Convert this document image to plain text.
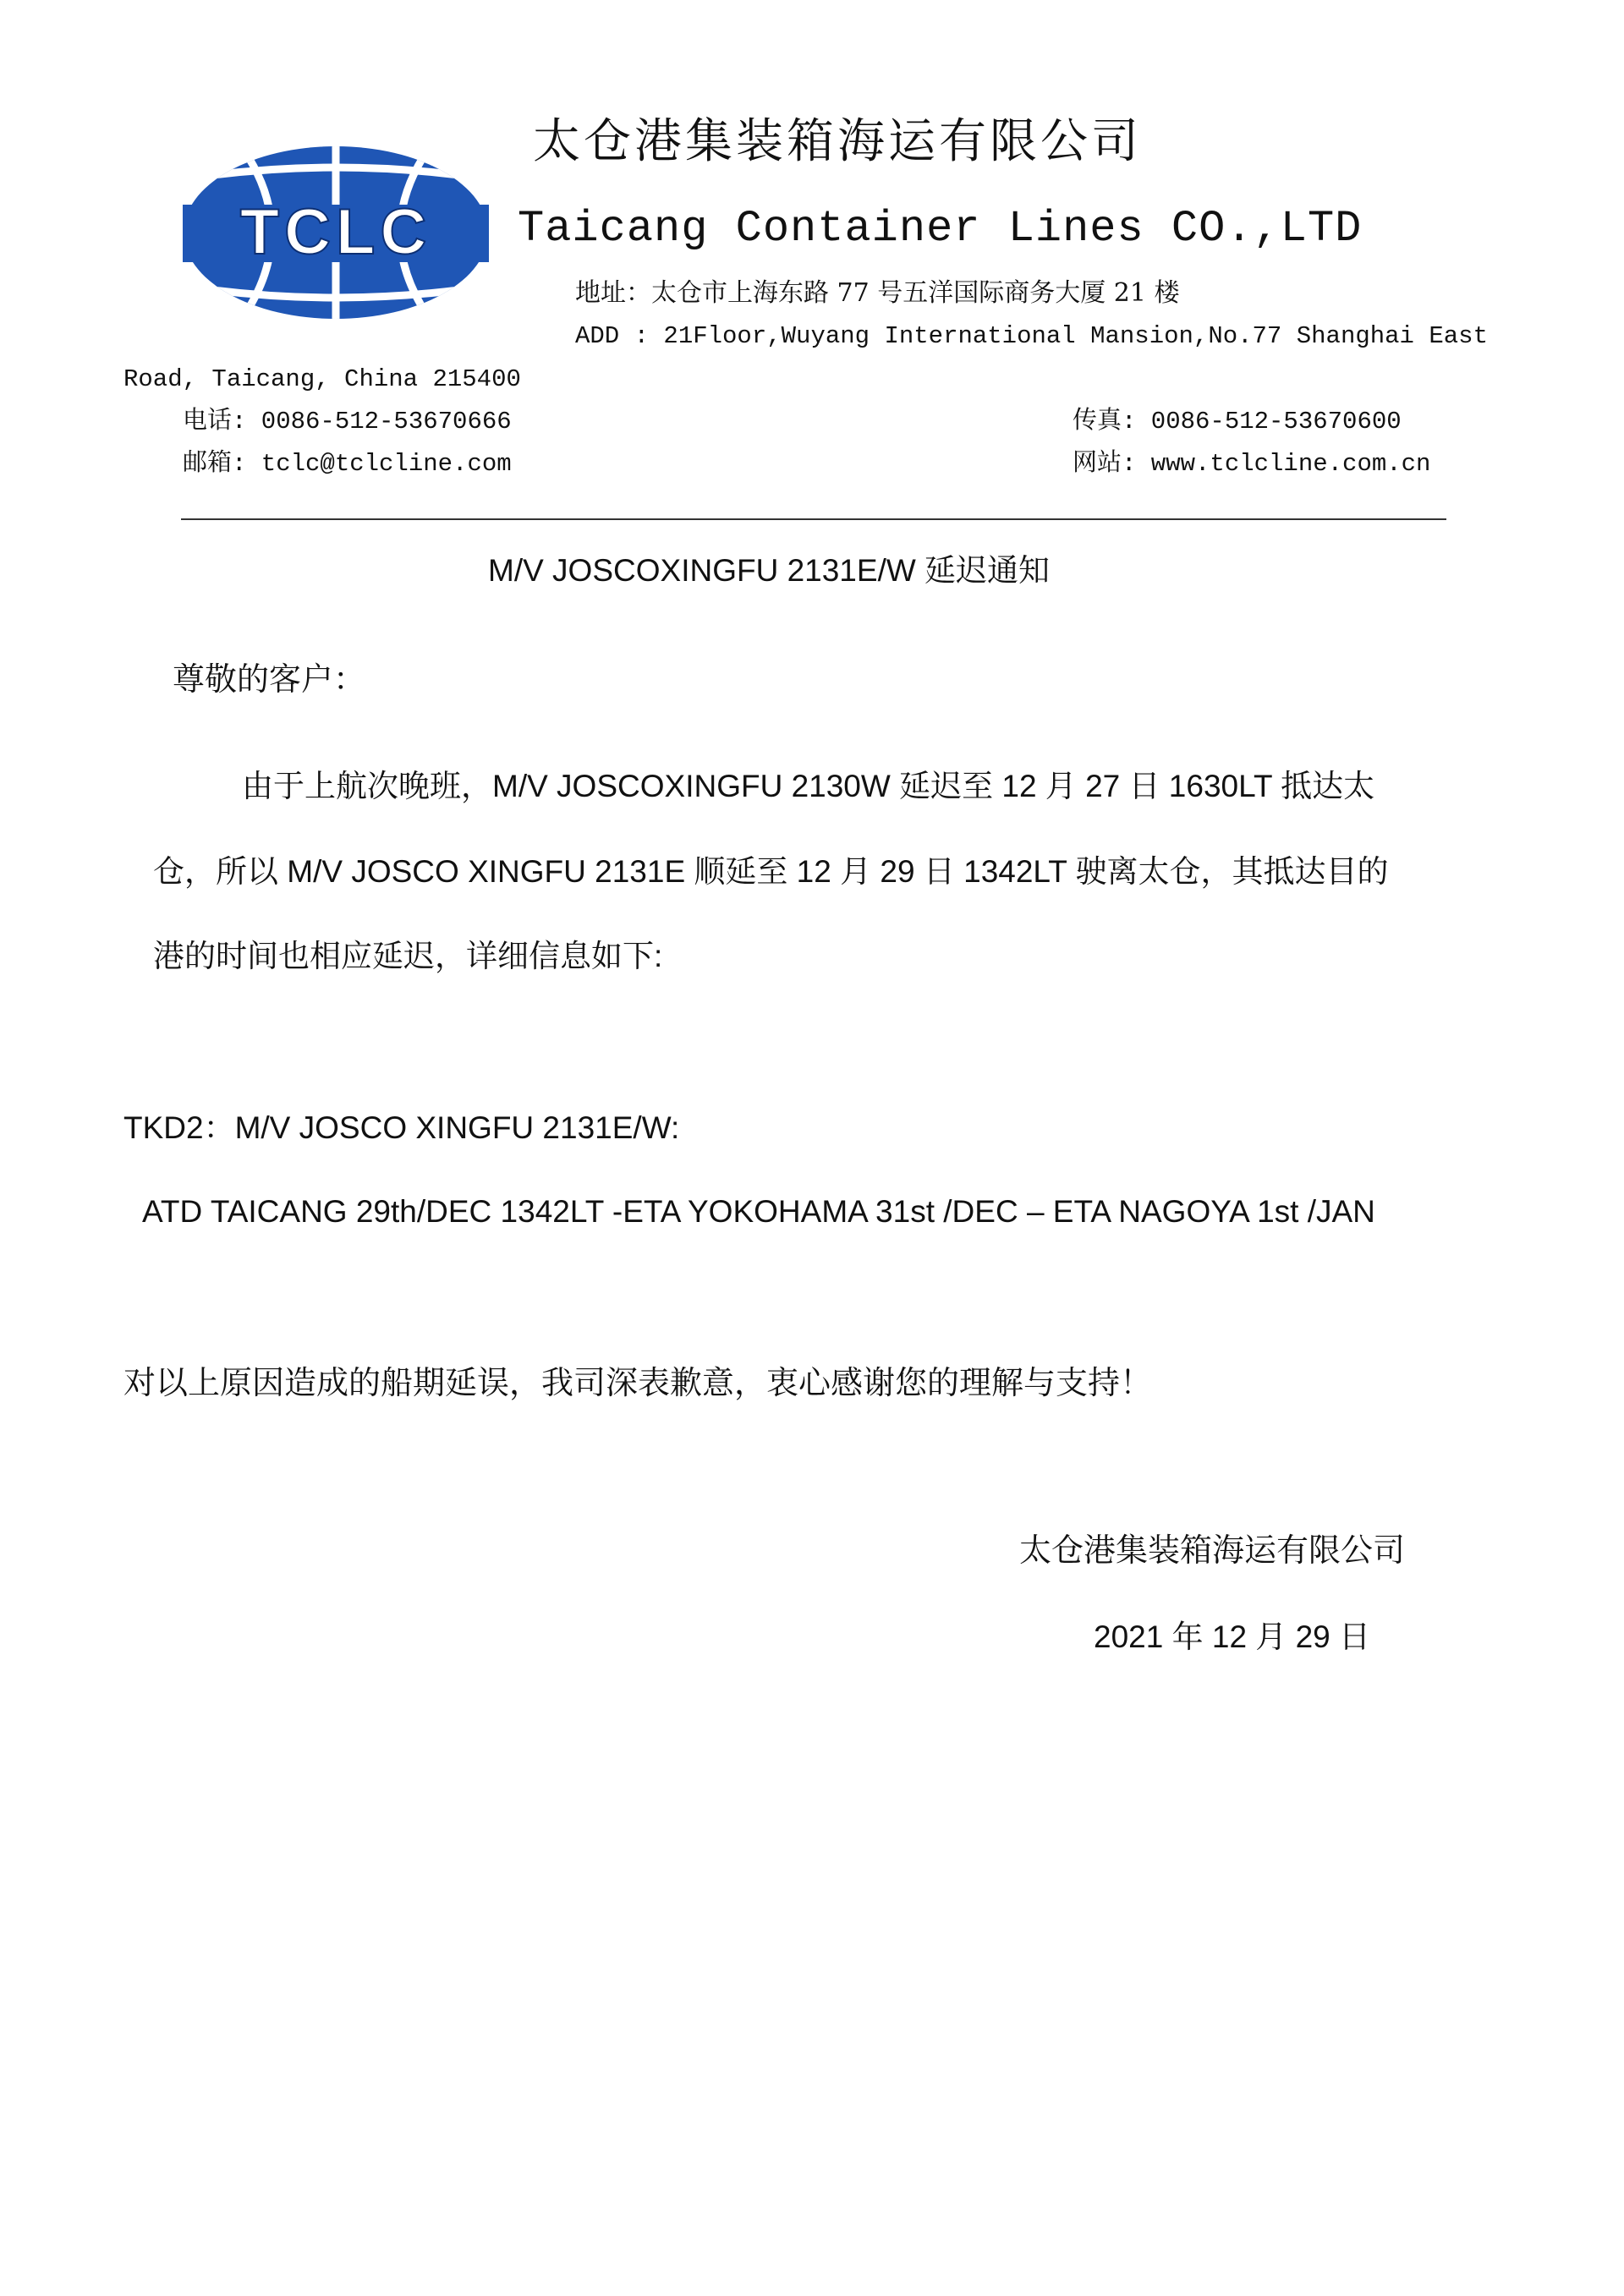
TCLC
太仓港集装箱海运有限公司
Taicang Container Lines CO.,LTD
地址：太仓市上海东路 77 号五洋国际商务大厦 21 楼
ADD : 21Floor,Wuyang International Mansion,No.77 Shanghai East
Road, Taicang, China 215400
电话: 0086-512-53670666	传真: 0086-512-53670600
邮箱: tclc@tclcline.com	网站: www.tclcline.com.cn
M/V JOSCOXINGFU 2131E/W 延迟通知
尊敬的客户：
由于上航次晚班，M/V JOSCOXINGFU 2130W 延迟至 12 月 27 日 1630LT 抵达太
仓，所以 M/V JOSCO XINGFU 2131E 顺延至 12 月 29 日 1342LT 驶离太仓，其抵达目的
港的时间也相应延迟，详细信息如下:
TKD2：M/V JOSCO XINGFU 2131E/W:
ATD TAICANG 29th/DEC 1342LT -ETA YOKOHAMA 31st /DEC – ETA NAGOYA 1st /JAN
对以上原因造成的船期延误，我司深表歉意，衷心感谢您的理解与支持！
太仓港集装箱海运有限公司
2021 年 12 月 29 日
